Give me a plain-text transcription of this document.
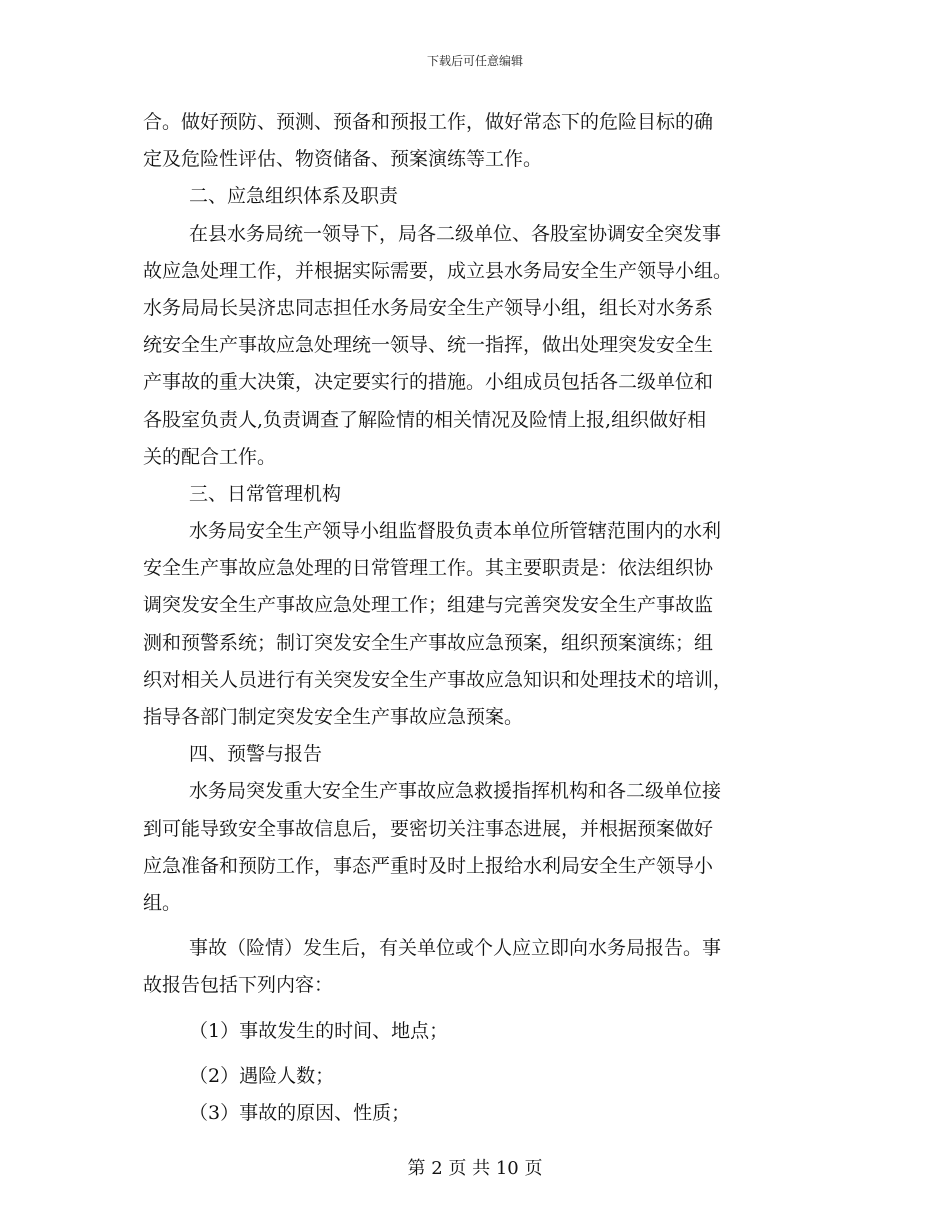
下载后可任意编辑
合。做好预防、预测、预备和预报工作，做好常态下的危险目标的确
定及危险性评估、物资储备、预案演练等工作。
二、应急组织体系及职责
在县水务局统一领导下，局各二级单位、各股室协调安全突发事
故应急处理工作，并根据实际需要，成立县水务局安全生产领导小组。
水务局局长吴济忠同志担任水务局安全生产领导小组，组长对水务系
统安全生产事故应急处理统一领导、统一指挥，做出处理突发安全生
产事故的重大决策，决定要实行的措施。小组成员包括各二级单位和
各股室负责人,负责调查了解险情的相关情况及险情上报,组织做好相
关的配合工作。
三、日常管理机构
水务局安全生产领导小组监督股负责本单位所管辖范围内的水利
安全生产事故应急处理的日常管理工作。其主要职责是：依法组织协
调突发安全生产事故应急处理工作；组建与完善突发安全生产事故监
测和预警系统；制订突发安全生产事故应急预案，组织预案演练；组
织对相关人员进行有关突发安全生产事故应急知识和处理技术的培训，
指导各部门制定突发安全生产事故应急预案。
四、预警与报告
水务局突发重大安全生产事故应急救援指挥机构和各二级单位接
到可能导致安全事故信息后，要密切关注事态进展，并根据预案做好
应急准备和预防工作，事态严重时及时上报给水利局安全生产领导小
组。
事故（险情）发生后，有关单位或个人应立即向水务局报告。事
故报告包括下列内容：
（1）事故发生的时间、地点；
（2）遇险人数；
（3）事故的原因、性质；
第 2 页 共 10 页
